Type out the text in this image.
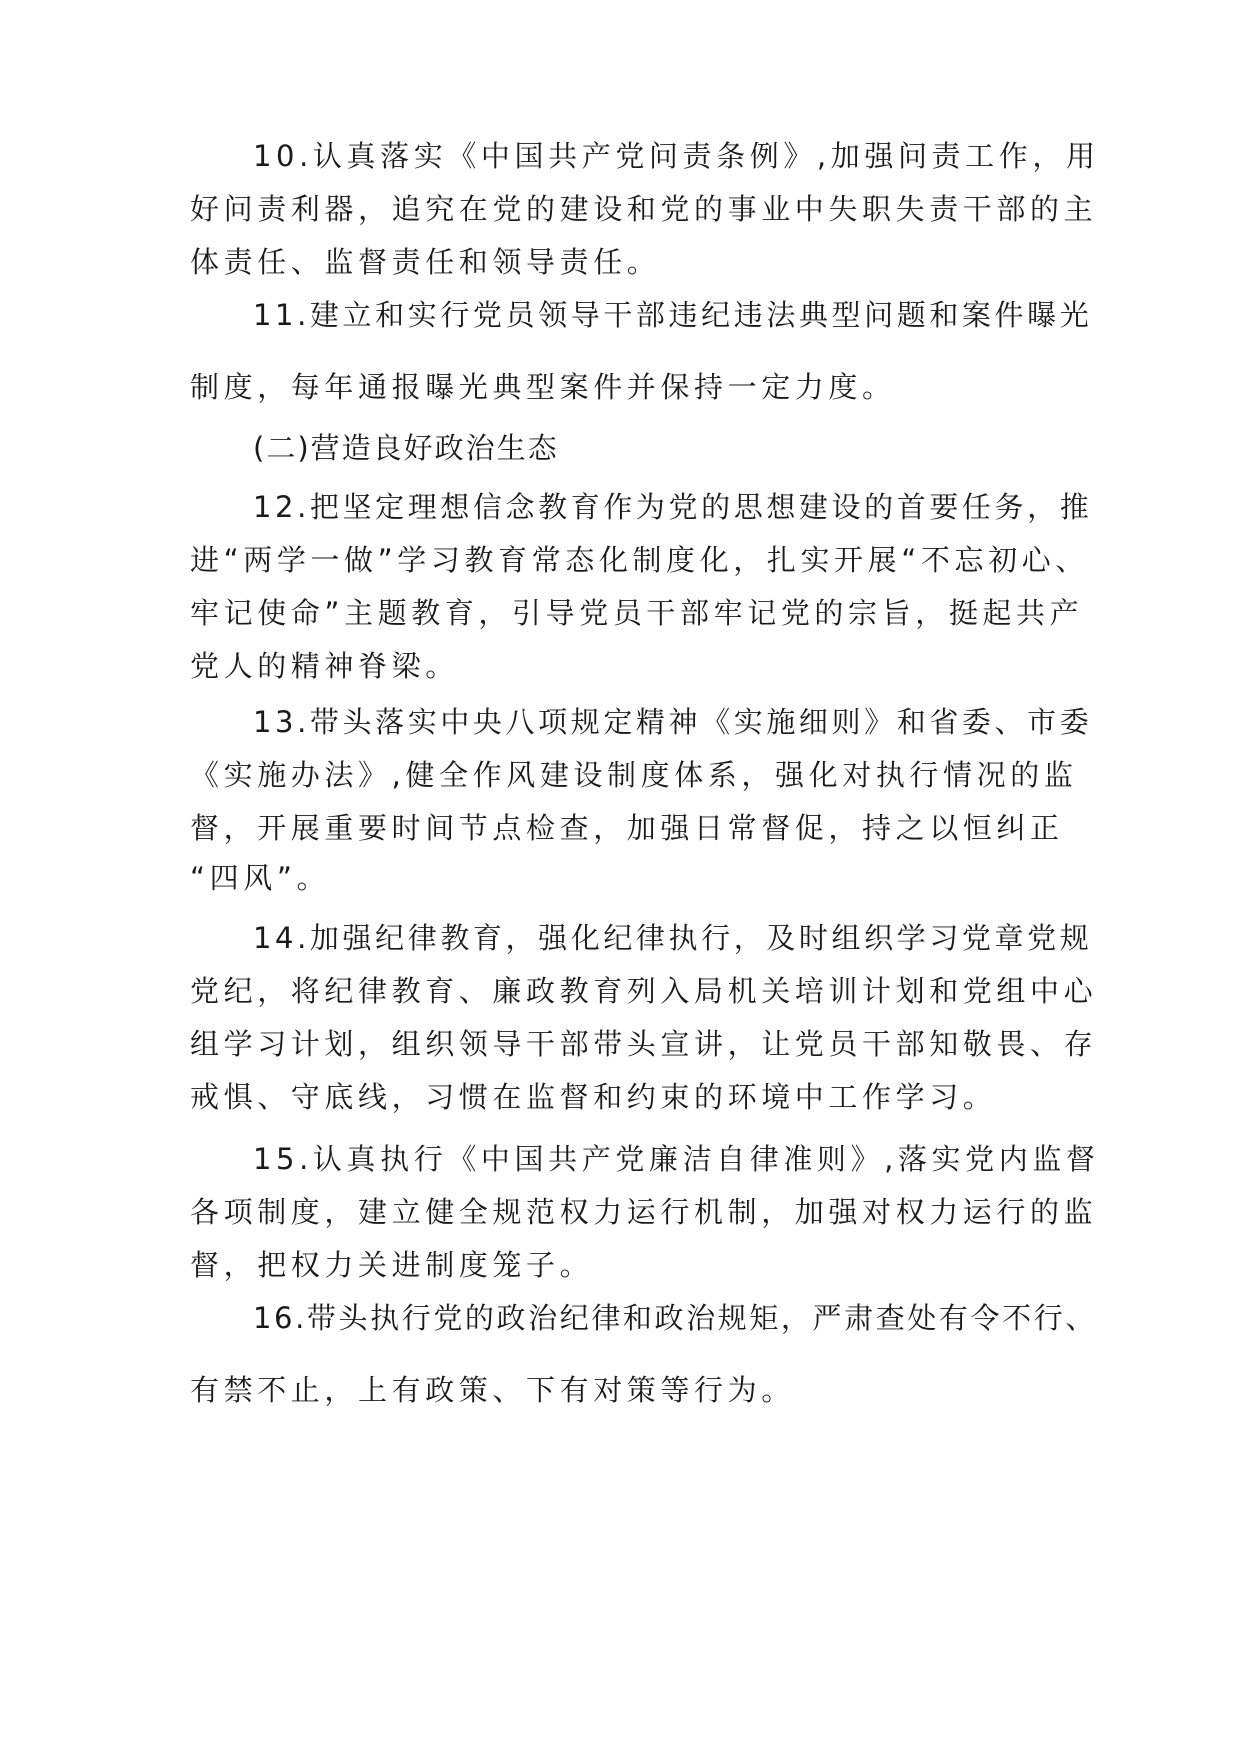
10.认真落实《中国共产党问责条例》,加强问责工作，用
好问责利器，追究在党的建设和党的事业中失职失责干部的主
体责任、监督责任和领导责任。
11.建立和实行党员领导干部违纪违法典型问题和案件曝光
制度，每年通报曝光典型案件并保持一定力度。
(二)营造良好政治生态
12.把坚定理想信念教育作为党的思想建设的首要任务，推
进“两学一做”学习教育常态化制度化，扎实开展“不忘初心、
牢记使命”主题教育，引导党员干部牢记党的宗旨，挺起共产
党人的精神脊梁。
13.带头落实中央八项规定精神《实施细则》和省委、市委
《实施办法》,健全作风建设制度体系，强化对执行情况的监
督，开展重要时间节点检查，加强日常督促，持之以恒纠正
“四风”。
14.加强纪律教育，强化纪律执行，及时组织学习党章党规
党纪，将纪律教育、廉政教育列入局机关培训计划和党组中心
组学习计划，组织领导干部带头宣讲，让党员干部知敬畏、存
戒惧、守底线，习惯在监督和约束的环境中工作学习。
15.认真执行《中国共产党廉洁自律准则》,落实党内监督
各项制度，建立健全规范权力运行机制，加强对权力运行的监
督，把权力关进制度笼子。
16.带头执行党的政治纪律和政治规矩，严肃查处有令不行、
有禁不止，上有政策、下有对策等行为。
